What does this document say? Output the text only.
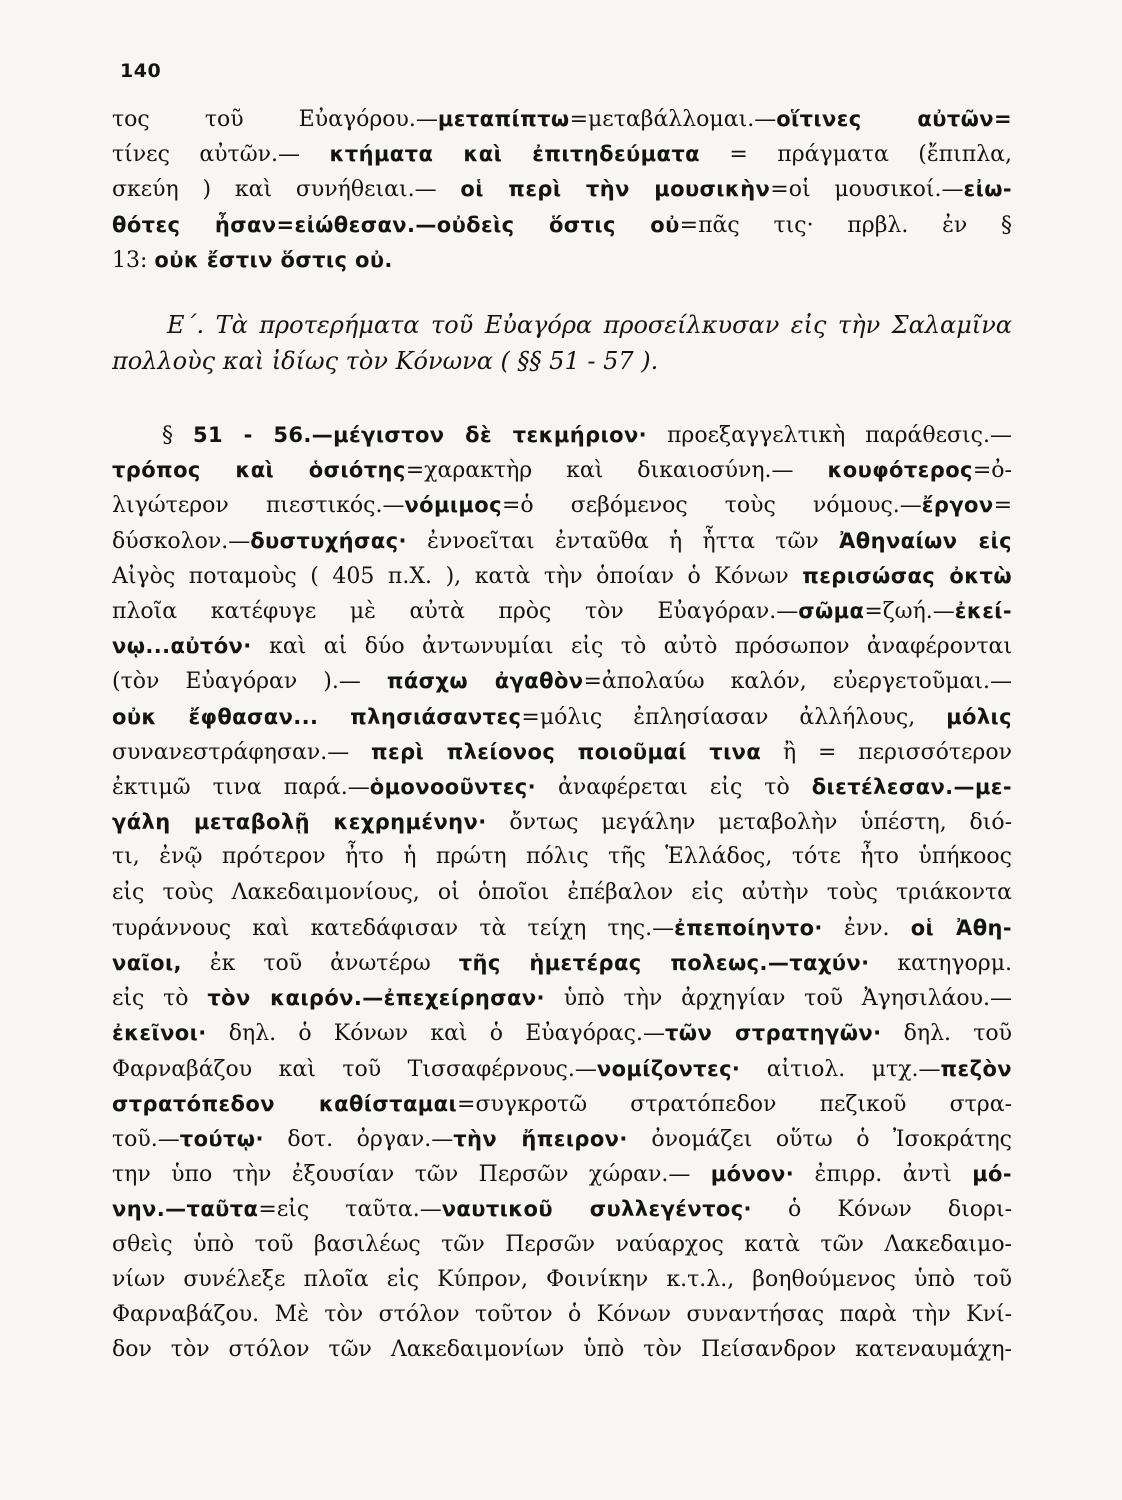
140
τος τοῦ Εὐαγόρου.—μεταπίπτω=μεταβάλλομαι.—οἵτινες αὐτῶν=
τίνες αὐτῶν.— κτήματα καὶ ἐπιτηδεύματα = πράγματα (ἔπιπλα,
σκεύη ) καὶ συνήθειαι.— οἱ περὶ τὴν μουσικὴν=οἱ μουσικοί.—εἰω-
θότες ἦσαν=εἰώθεσαν.—οὐδεὶς ὅστις οὐ=πᾶς τις· πρβλ. ἐν §
13: οὐκ ἔστιν ὅστις οὐ.
Ε΄. Τὰ προτερήματα τοῦ Εὐαγόρα προσείλκυσαν εἰς τὴν Σαλαμῖνα
πολλοὺς καὶ ἰδίως τὸν Κόνωνα ( §§ 51 - 57 ).
§ 51 - 56.—μέγιστον δὲ τεκμήριον· προεξαγγελτικὴ παράθεσις.—
τρόπος καὶ ὁσιότης=χαρακτὴρ καὶ δικαιοσύνη.— κουφότερος=ὀ-
λιγώτερον πιεστικός.—νόμιμος=ὁ σεβόμενος τοὺς νόμους.—ἔργον=
δύσκολον.—δυστυχήσας· ἐννοεῖται ἐνταῦθα ἡ ἧττα τῶν Ἀθηναίων εἰς
Αἰγὸς ποταμοὺς ( 405 π.Χ. ), κατὰ τὴν ὁποίαν ὁ Κόνων περισώσας ὀκτὼ
πλοῖα κατέφυγε μὲ αὐτὰ πρὸς τὸν Εὐαγόραν.—σῶμα=ζωή.—ἐκεί-
νῳ...αὐτόν· καὶ αἱ δύο ἀντωνυμίαι εἰς τὸ αὐτὸ πρόσωπον ἀναφέρονται
(τὸν Εὐαγόραν ).— πάσχω ἀγαθὸν=ἀπολαύω καλόν, εὐεργετοῦμαι.—
οὐκ ἔφθασαν... πλησιάσαντες=μόλις ἐπλησίασαν ἀλλήλους, μόλις
συνανεστράφησαν.— περὶ πλείονος ποιοῦμαί τινα ἢ = περισσότερον
ἐκτιμῶ τινα παρά.—ὁμονοοῦντες· ἀναφέρεται εἰς τὸ διετέλεσαν.—με-
γάλη μεταβολῇ κεχρημένην· ὄντως μεγάλην μεταβολὴν ὑπέστη, διό-
τι, ἐνῷ πρότερον ἦτο ἡ πρώτη πόλις τῆς Ἑλλάδος, τότε ἦτο ὑπήκοος
εἰς τοὺς Λακεδαιμονίους, οἱ ὁποῖοι ἐπέβαλον εἰς αὐτὴν τοὺς τριάκοντα
τυράννους καὶ κατεδάφισαν τὰ τείχη της.—ἐπεποίηντο· ἐνν. οἱ Ἀθη-
ναῖοι, ἐκ τοῦ ἀνωτέρω τῆς ἡμετέρας πολεως.—ταχύν· κατηγορμ.
εἰς τὸ τὸν καιρόν.—ἐπεχείρησαν· ὑπὸ τὴν ἀρχηγίαν τοῦ Ἀγησιλάου.—
ἐκεῖνοι· δηλ. ὁ Κόνων καὶ ὁ Εὐαγόρας.—τῶν στρατηγῶν· δηλ. τοῦ
Φαρναβάζου καὶ τοῦ Τισσαφέρνους.—νομίζοντες· αἰτιολ. μτχ.—πεζὸν
στρατόπεδον καθίσταμαι=συγκροτῶ στρατόπεδον πεζικοῦ στρα-
τοῦ.—τούτῳ· δοτ. ὀργαν.—τὴν ἤπειρον· ὀνομάζει οὕτω ὁ Ἰσοκράτης
την ὑπο τὴν ἐξουσίαν τῶν Περσῶν χώραν.— μόνον· ἐπιρρ. ἀντὶ μό-
νην.—ταῦτα=εἰς ταῦτα.—ναυτικοῦ συλλεγέντος· ὁ Κόνων διορι-
σθεὶς ὑπὸ τοῦ βασιλέως τῶν Περσῶν ναύαρχος κατὰ τῶν Λακεδαιμο-
νίων συνέλεξε πλοῖα εἰς Κύπρον, Φοινίκην κ.τ.λ., βοηθούμενος ὑπὸ τοῦ
Φαρναβάζου. Μὲ τὸν στόλον τοῦτον ὁ Κόνων συναντήσας παρὰ τὴν Κνί-
δον τὸν στόλον τῶν Λακεδαιμονίων ὑπὸ τὸν Πείσανδρον κατεναυμάχη-
